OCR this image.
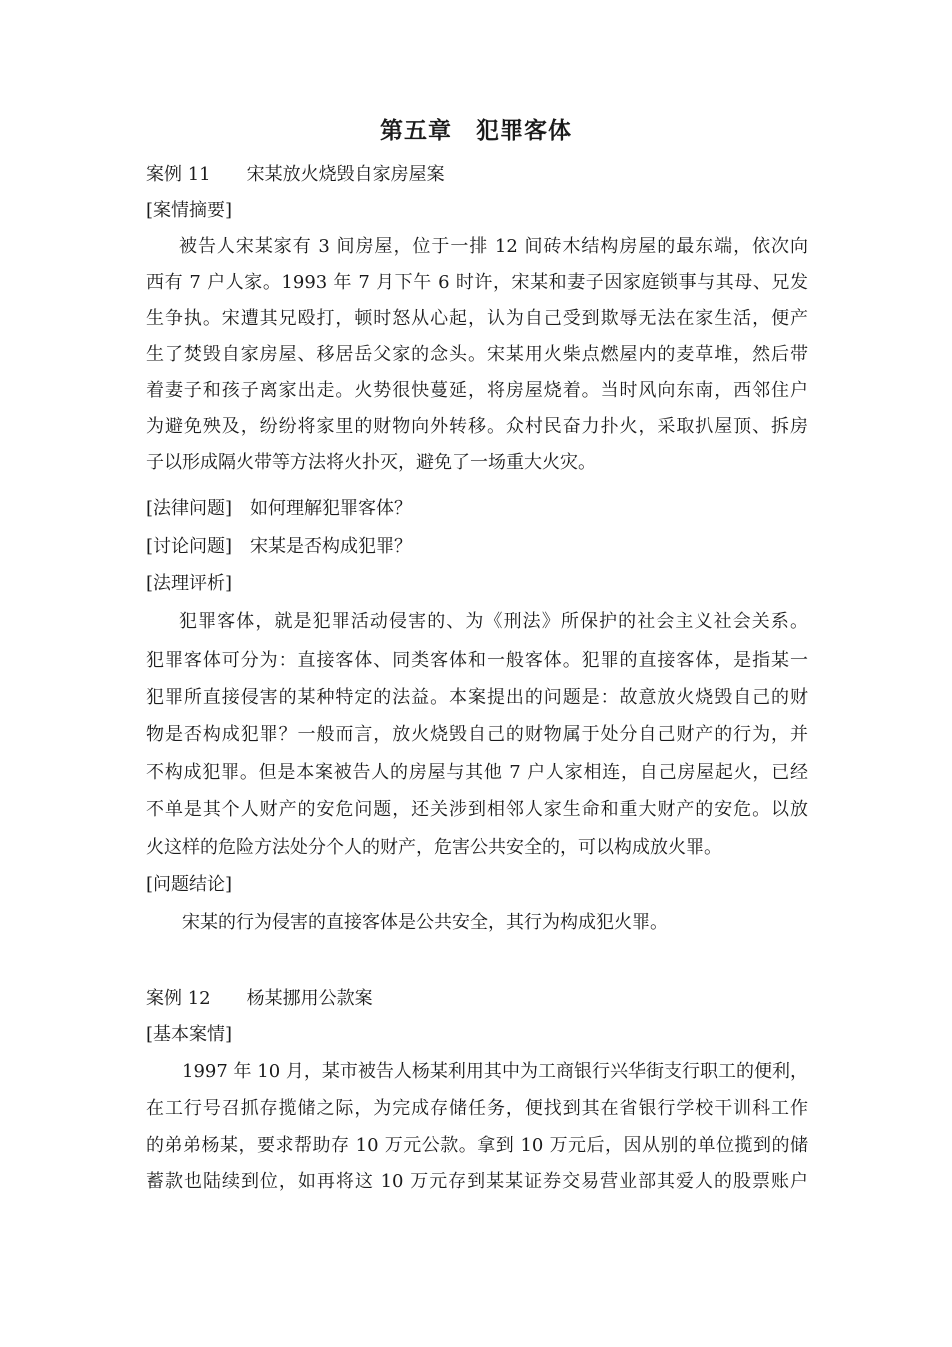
第五章　犯罪客体
案例 11　　宋某放火烧毁自家房屋案
[案情摘要]
被告人宋某家有 3 间房屋，位于一排 12 间砖木结构房屋的最东端，依次向
西有 7 户人家。1993 年 7 月下午 6 时许，宋某和妻子因家庭锁事与其母、兄发
生争执。宋遭其兄殴打，顿时怒从心起，认为自己受到欺辱无法在家生活，便产
生了焚毁自家房屋、移居岳父家的念头。宋某用火柴点燃屋内的麦草堆，然后带
着妻子和孩子离家出走。火势很快蔓延，将房屋烧着。当时风向东南，西邻住户
为避免殃及，纷纷将家里的财物向外转移。众村民奋力扑火，采取扒屋顶、拆房
子以形成隔火带等方法将火扑灭，避免了一场重大火灾。
[法律问题]　如何理解犯罪客体？
[讨论问题]　宋某是否构成犯罪？
[法理评析]
犯罪客体，就是犯罪活动侵害的、为《刑法》所保护的社会主义社会关系。
犯罪客体可分为：直接客体、同类客体和一般客体。犯罪的直接客体，是指某一
犯罪所直接侵害的某种特定的法益。本案提出的问题是：故意放火烧毁自己的财
物是否构成犯罪？一般而言，放火烧毁自己的财物属于处分自己财产的行为，并
不构成犯罪。但是本案被告人的房屋与其他 7 户人家相连，自己房屋起火，已经
不单是其个人财产的安危问题，还关涉到相邻人家生命和重大财产的安危。以放
火这样的危险方法处分个人的财产，危害公共安全的，可以构成放火罪。
[问题结论]
宋某的行为侵害的直接客体是公共安全，其行为构成犯火罪。
案例 12　　杨某挪用公款案
[基本案情]
1997 年 10 月，某市被告人杨某利用其中为工商银行兴华街支行职工的便利，
在工行号召抓存揽储之际，为完成存储任务，便找到其在省银行学校干训科工作
的弟弟杨某，要求帮助存 10 万元公款。拿到 10 万元后，因从别的单位揽到的储
蓄款也陆续到位，如再将这 10 万元存到某某证券交易营业部其爱人的股票账户
